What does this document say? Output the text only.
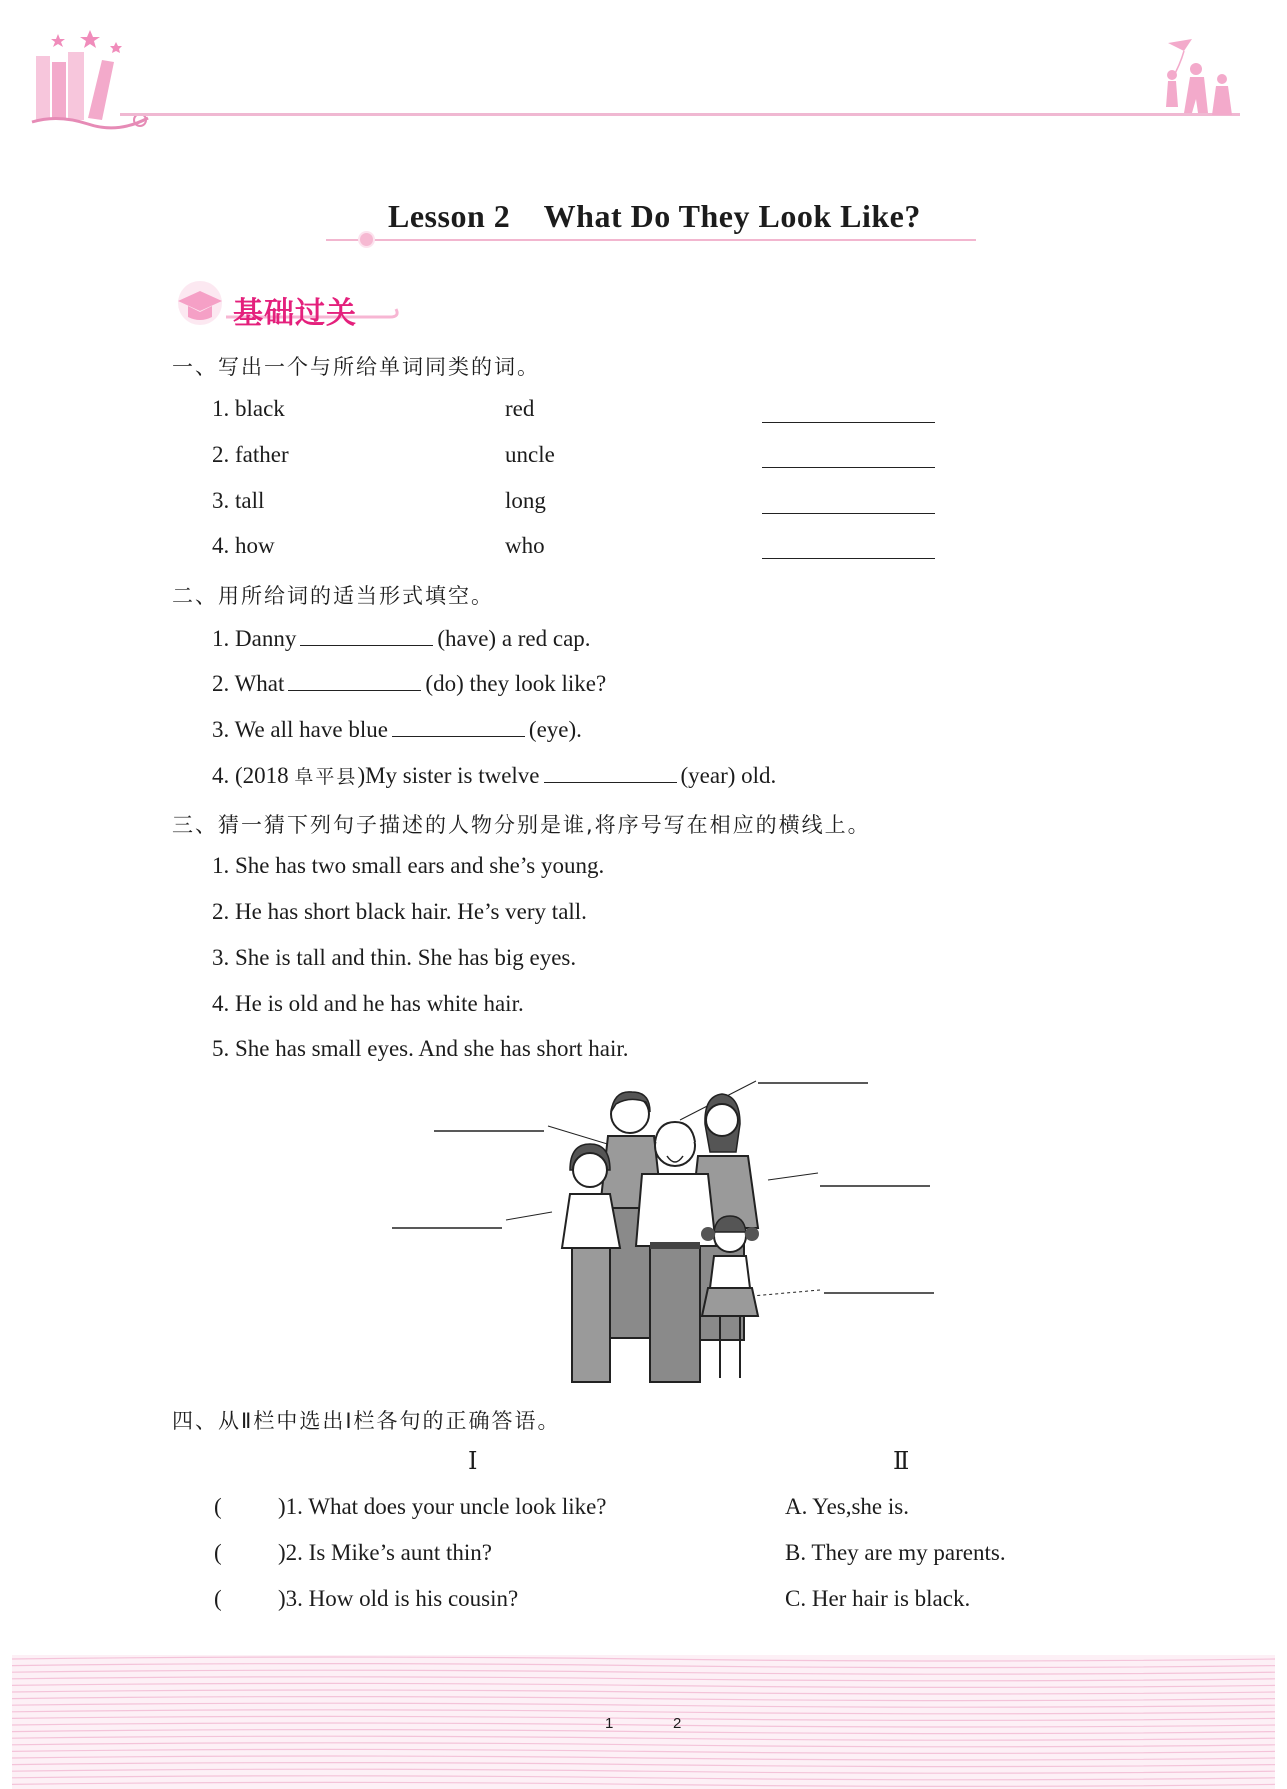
Lesson 2    What Do They Look Like?
基础过关
一、写出一个与所给单词同类的词。
1. black	red
2. father	uncle
3. tall	long
4. how	who
二、用所给词的适当形式填空。
1. Danny	(have) a red cap.
2. What	(do) they look like?
3. We all have blue	(eye).
4. (2018 阜平县)My sister is twelve	(year) old.
三、猜一猜下列句子描述的人物分别是谁,将序号写在相应的横线上。
1. She has two small ears and she’s young.
2. He has short black hair. He’s very tall.
3. She is tall and thin. She has big eyes.
4. He is old and he has white hair.
5. She has small eyes. And she has short hair.
四、从Ⅱ栏中选出Ⅰ栏各句的正确答语。
Ⅰ	Ⅱ
( )1. What does your uncle look like?	A. Yes,she is.
( )2. Is Mike’s aunt thin?	B. They are my parents.
( )3. How old is his cousin?	C. Her hair is black.
1	2
